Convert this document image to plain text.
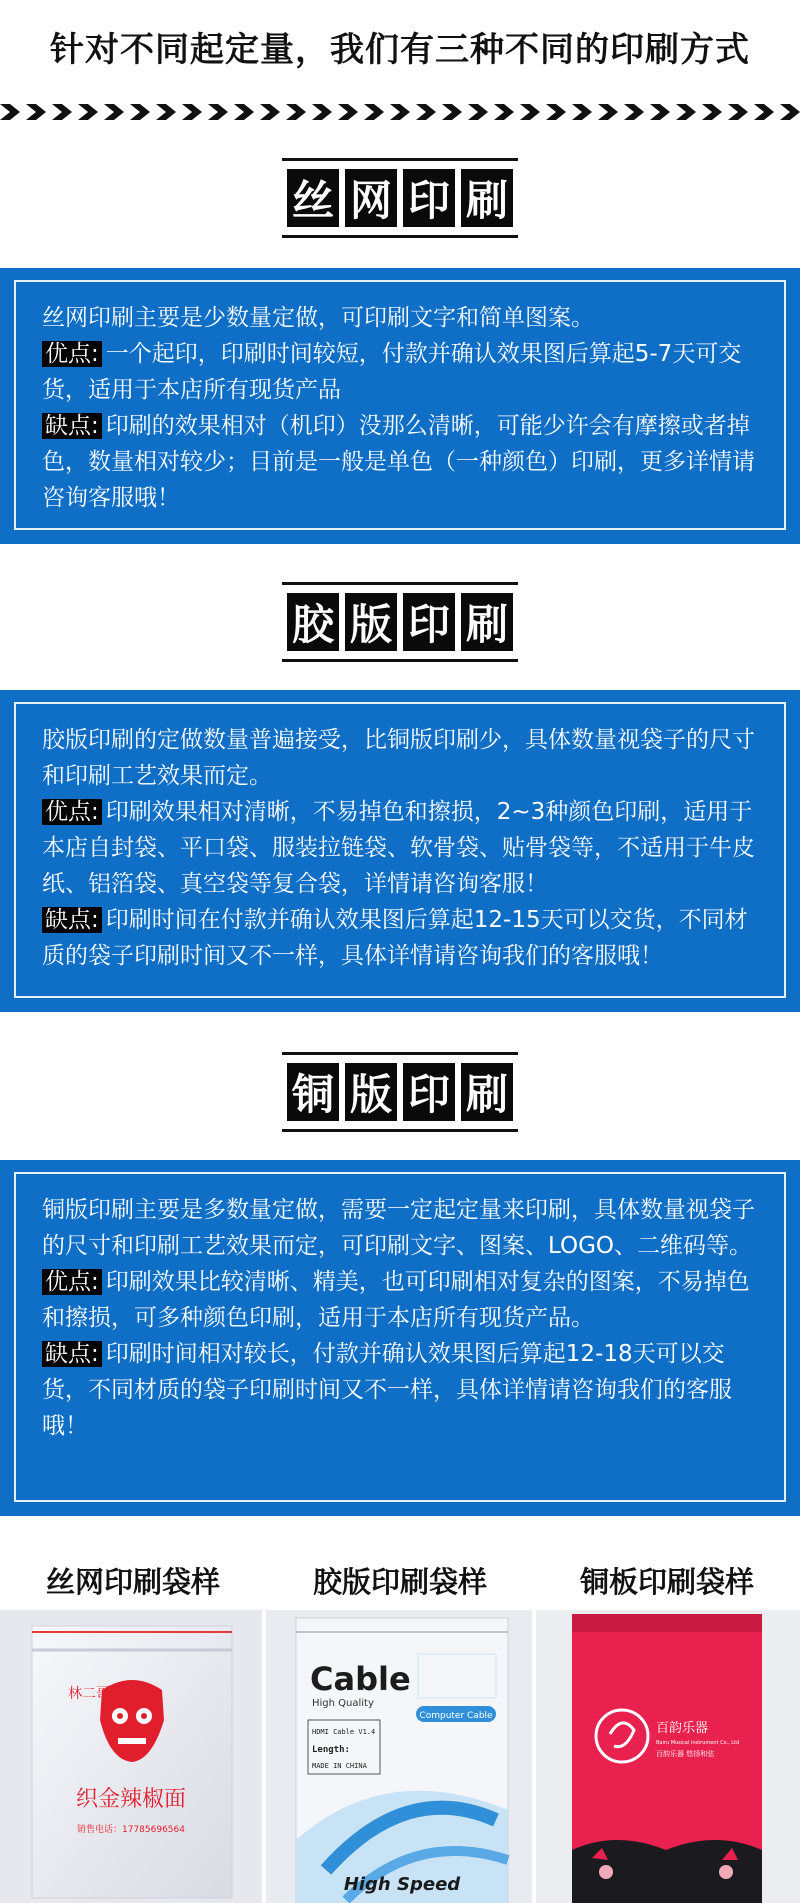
针对不同起定量，我们有三种不同的印刷方式
丝 网 印 刷
丝网印刷主要是少数量定做，可印刷文字和简单图案。
优点: 一个起印，印刷时间较短，付款并确认效果图后算起5-7天可交货，适用于本店所有现货产品
缺点: 印刷的效果相对（机印）没那么清晰，可能少许会有摩擦或者掉色，数量相对较少；目前是一般是单色（一种颜色）印刷，更多详情请咨询客服哦！
胶 版 印 刷
胶版印刷的定做数量普遍接受，比铜版印刷少，具体数量视袋子的尺寸和印刷工艺效果而定。
优点: 印刷效果相对清晰，不易掉色和擦损，2~3种颜色印刷，适用于本店自封袋、平口袋、服装拉链袋、软骨袋、贴骨袋等，不适用于牛皮纸、铝箔袋、真空袋等复合袋，详情请咨询客服！
缺点: 印刷时间在付款并确认效果图后算起12-15天可以交货，不同材质的袋子印刷时间又不一样，具体详情请咨询我们的客服哦！
铜 版 印 刷
铜版印刷主要是多数量定做，需要一定起定量来印刷，具体数量视袋子的尺寸和印刷工艺效果而定，可印刷文字、图案、LOGO、二维码等。
优点: 印刷效果比较清晰、精美，也可印刷相对复杂的图案，不易掉色和擦损，可多种颜色印刷，适用于本店所有现货产品。
缺点: 印刷时间相对较长，付款并确认效果图后算起12-18天可以交货，不同材质的袋子印刷时间又不一样，具体详情请咨询我们的客服哦！
丝网印刷袋样	胶版印刷袋样	铜板印刷袋样
林二哥
织金辣椒面
销售电话：17785696564
Cable
High Quality
Computer Cable
HDMI Cable V1.4
Length:
MADE IN CHINA
High Speed
百韵乐器
Bairu Musical Instrument Co., Ltd
百韵乐器 悠扬和弦
